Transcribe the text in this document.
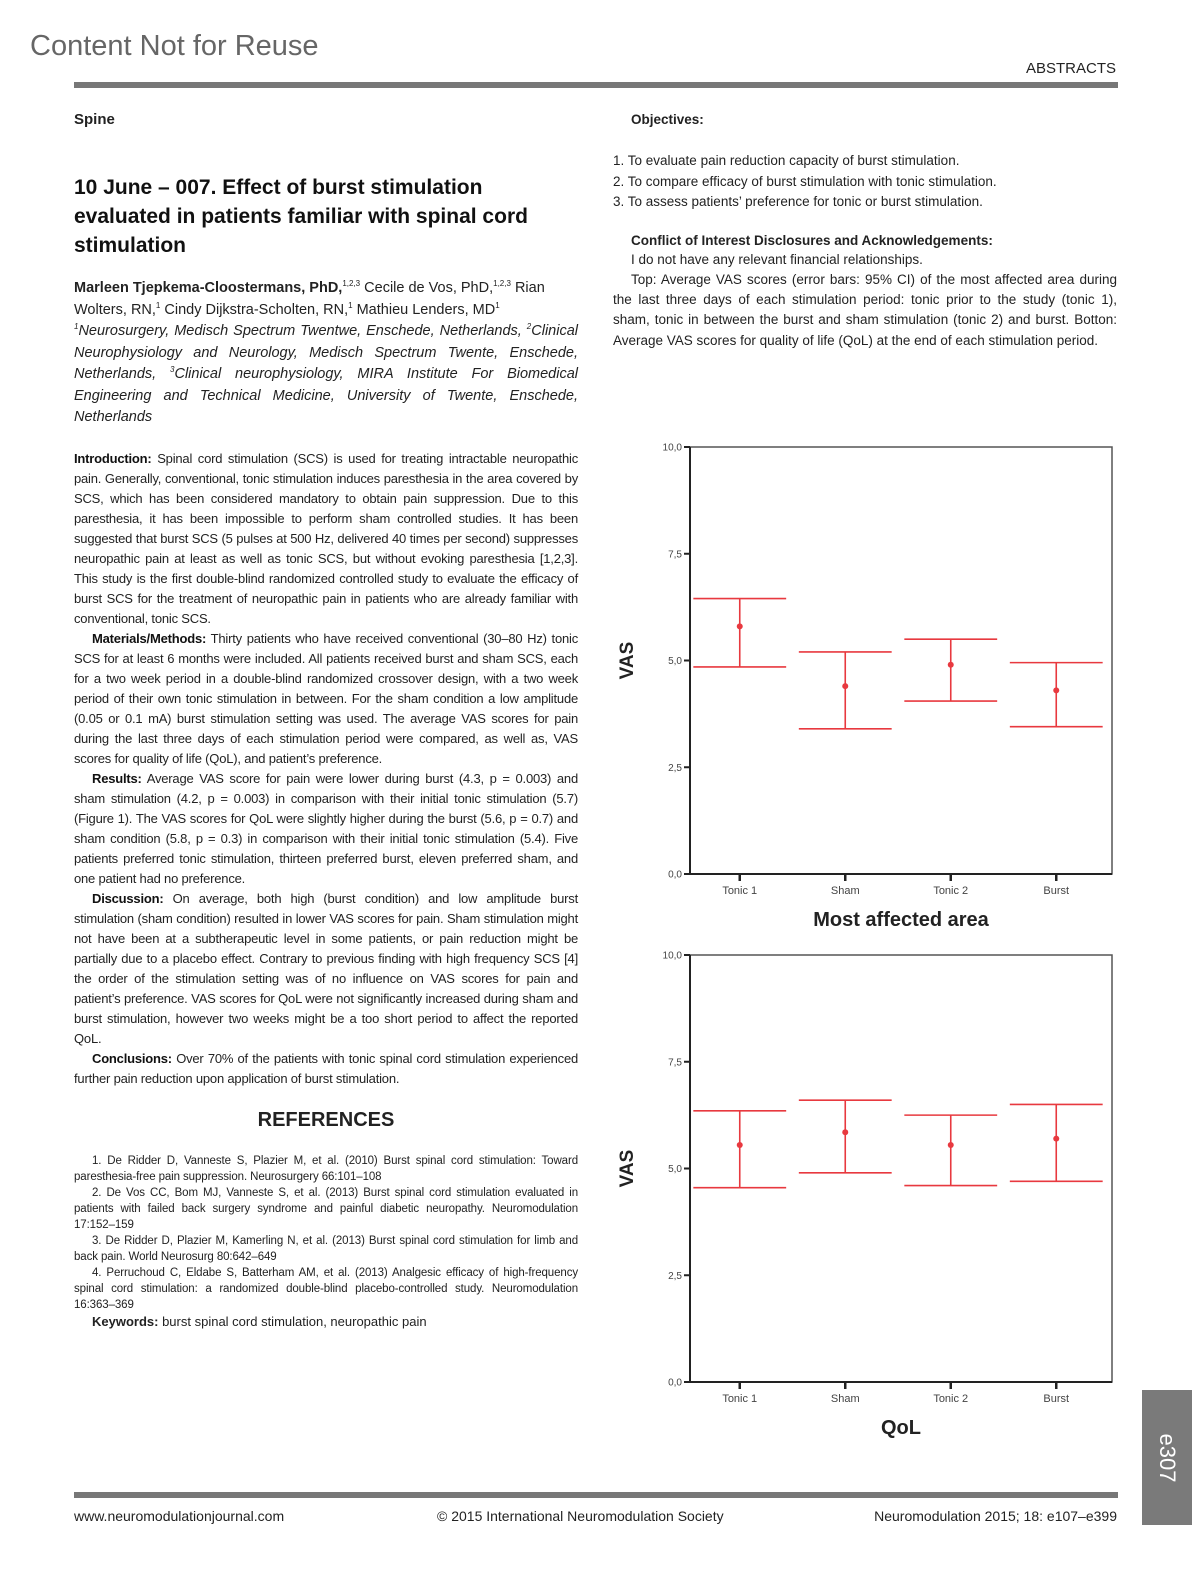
Content Not for Reuse
ABSTRACTS
Spine
10 June – 007. Effect of burst stimulation evaluated in patients familiar with spinal cord stimulation
Marleen Tjepkema-Cloostermans, PhD,$^{1,2,3}$ Cecile de Vos, PhD,$^{1,2,3}$ Rian Wolters, RN,$^1$ Cindy Dijkstra-Scholten, RN,$^1$ Mathieu Lenders, $MD^1$
$^1$Neurosurgery, Medisch Spectrum Twentwe, Enschede, Netherlands, $^2$Clinical Neurophysiology and Neurology, Medisch Spectrum Twente, Enschede, Netherlands, $^3$Clinical neurophysiology, MIRA Institute For Biomedical Engineering and Technical Medicine, University of Twente, Enschede, Netherlands

Introduction: Spinal cord stimulation (SCS) is used for treating intractable neuropathic pain. Generally, conventional, tonic stimulation induces paresthesia in the area covered by SCS, which has been considered mandatory to obtain pain suppression. Due to this paresthesia, it has been impossible to perform sham controlled studies. It has been suggested that burst SCS (5 pulses at 500 Hz, delivered 40 times per second) suppresses neuropathic pain at least as well as tonic SCS, but without evoking paresthesia [1,2,3]. This study is the first double-blind randomized controlled study to evaluate the efficacy of burst SCS for the treatment of neuropathic pain in patients who are already familiar with conventional, tonic SCS.

Materials/Methods: Thirty patients who have received conventional (30–80 Hz) tonic SCS for at least 6 months were included. All patients received burst and sham SCS, each for a two week period in a double-blind randomized crossover design, with a two week period of their own tonic stimulation in between. For the sham condition a low amplitude (0.05 or 0.1 mA) burst stimulation setting was used. The average VAS scores for pain during the last three days of each stimulation period were compared, as well as, VAS scores for quality of life (QoL), and patient’s preference.

Results: Average VAS score for pain were lower during burst (4.3, p = 0.003) and sham stimulation (4.2, p = 0.003) in comparison with their initial tonic stimulation (5.7) (Figure 1). The VAS scores for QoL were slightly higher during the burst (5.6, p = 0.7) and sham condition (5.8, p = 0.3) in comparison with their initial tonic stimulation (5.4). Five patients preferred tonic stimulation, thirteen preferred burst, eleven preferred sham, and one patient had no preference.

Discussion: On average, both high (burst condition) and low amplitude burst stimulation (sham condition) resulted in lower VAS scores for pain. Sham stimulation might not have been at a subtherapeutic level in some patients, or pain reduction might be partially due to a placebo effect. Contrary to previous finding with high frequency SCS [4] the order of the stimulation setting was of no influence on VAS scores for pain and patient’s preference. VAS scores for QoL were not significantly increased during sham and burst stimulation, however two weeks might be a too short period to affect the reported QoL.

Conclusions: Over 70% of the patients with tonic spinal cord stimulation experienced further pain reduction upon application of burst stimulation.

REFERENCES

1. De Ridder D, Vanneste S, Plazier M, et al. (2010) Burst spinal cord stimulation: Toward paresthesia-free pain suppression. Neurosurgery 66:101–108

2. De Vos CC, Bom MJ, Vanneste S, et al. (2013) Burst spinal cord stimulation evaluated in patients with failed back surgery syndrome and painful diabetic neuropathy. Neuromodulation 17:152–159

3. De Ridder D, Plazier M, Kamerling N, et al. (2013) Burst spinal cord stimulation for limb and back pain. World Neurosurg 80:642–649

4. Perruchoud C, Eldabe S, Batterham AM, et al. (2013) Analgesic efficacy of high-frequency spinal cord stimulation: a randomized double-blind placebo-controlled study. Neuromodulation 16:363–369

Keywords: burst spinal cord stimulation, neuropathic pain
Objectives:
1. To evaluate pain reduction capacity of burst stimulation.
2. To compare efficacy of burst stimulation with tonic stimulation.
3. To assess patients’ preference for tonic or burst stimulation.
Conflict of Interest Disclosures and Acknowledgements:

I do not have any relevant financial relationships.

Top: Average VAS scores (error bars: 95% CI) of the most affected area during the last three days of each stimulation period: tonic prior to the study (tonic 1), sham, tonic in between the burst and sham stimulation (tonic 2) and burst. Botton: Average VAS scores for quality of life (QoL) at the end of each stimulation period.

0,0
2,5
5,0
7,5
10,0
Tonic 1	Sham	Tonic 2	Burst
VAS
Most affected area
0,0
2,5
5,0
7,5
10,0
Tonic 1	Sham	Tonic 2	Burst
VAS
QoL
www.neuromodulationjournal.com	© 2015 International Neuromodulation Society	Neuromodulation 2015; 18: e107–e399
e307
